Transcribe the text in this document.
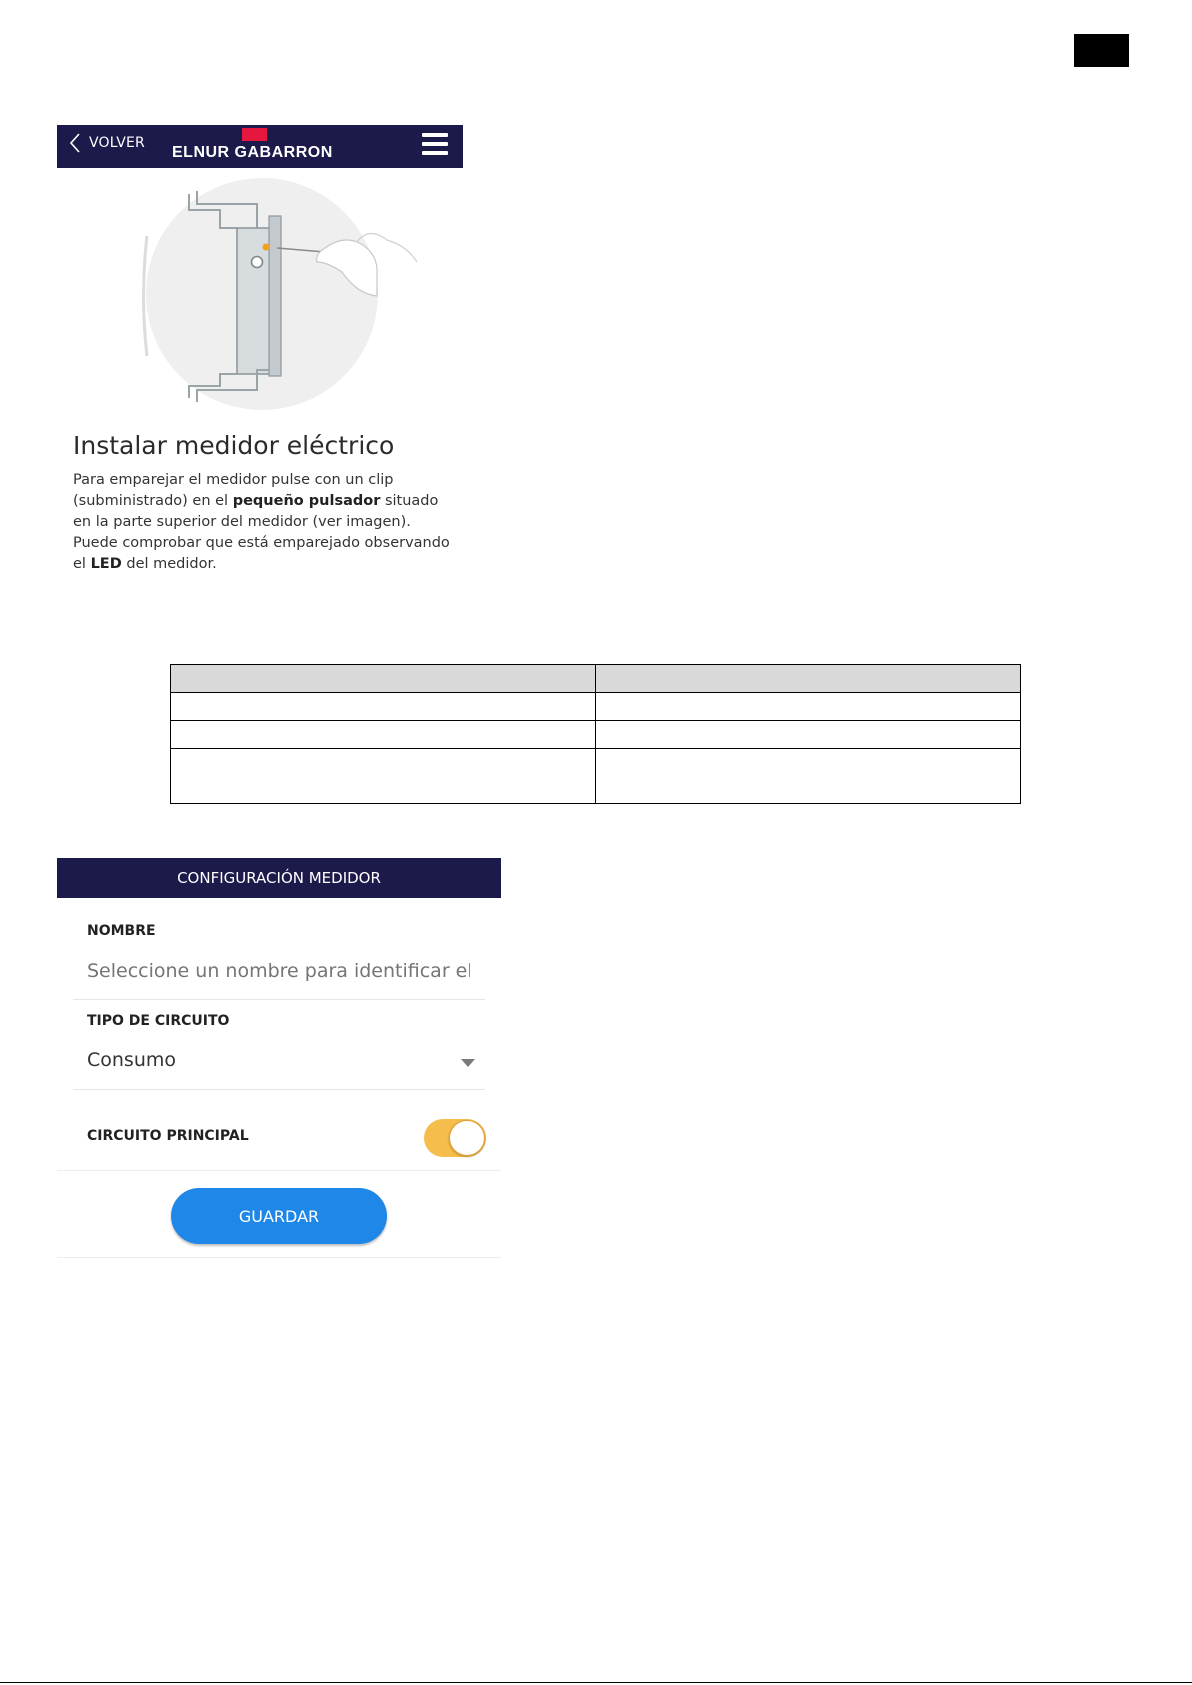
VOLVER
ELNUR GABARRON
Instalar medidor eléctrico

Para emparejar el medidor pulse con un clip (subministrado) en el pequeño pulsador situado en la parte superior del medidor (ver imagen). Puede comprobar que está emparejado observando el LED del medidor.

CONFIGURACIÓN MEDIDOR
NOMBRE
Seleccione un nombre para identificar el circuito
TIPO DE CIRCUITO
Consumo
CIRCUITO PRINCIPAL
GUARDAR
